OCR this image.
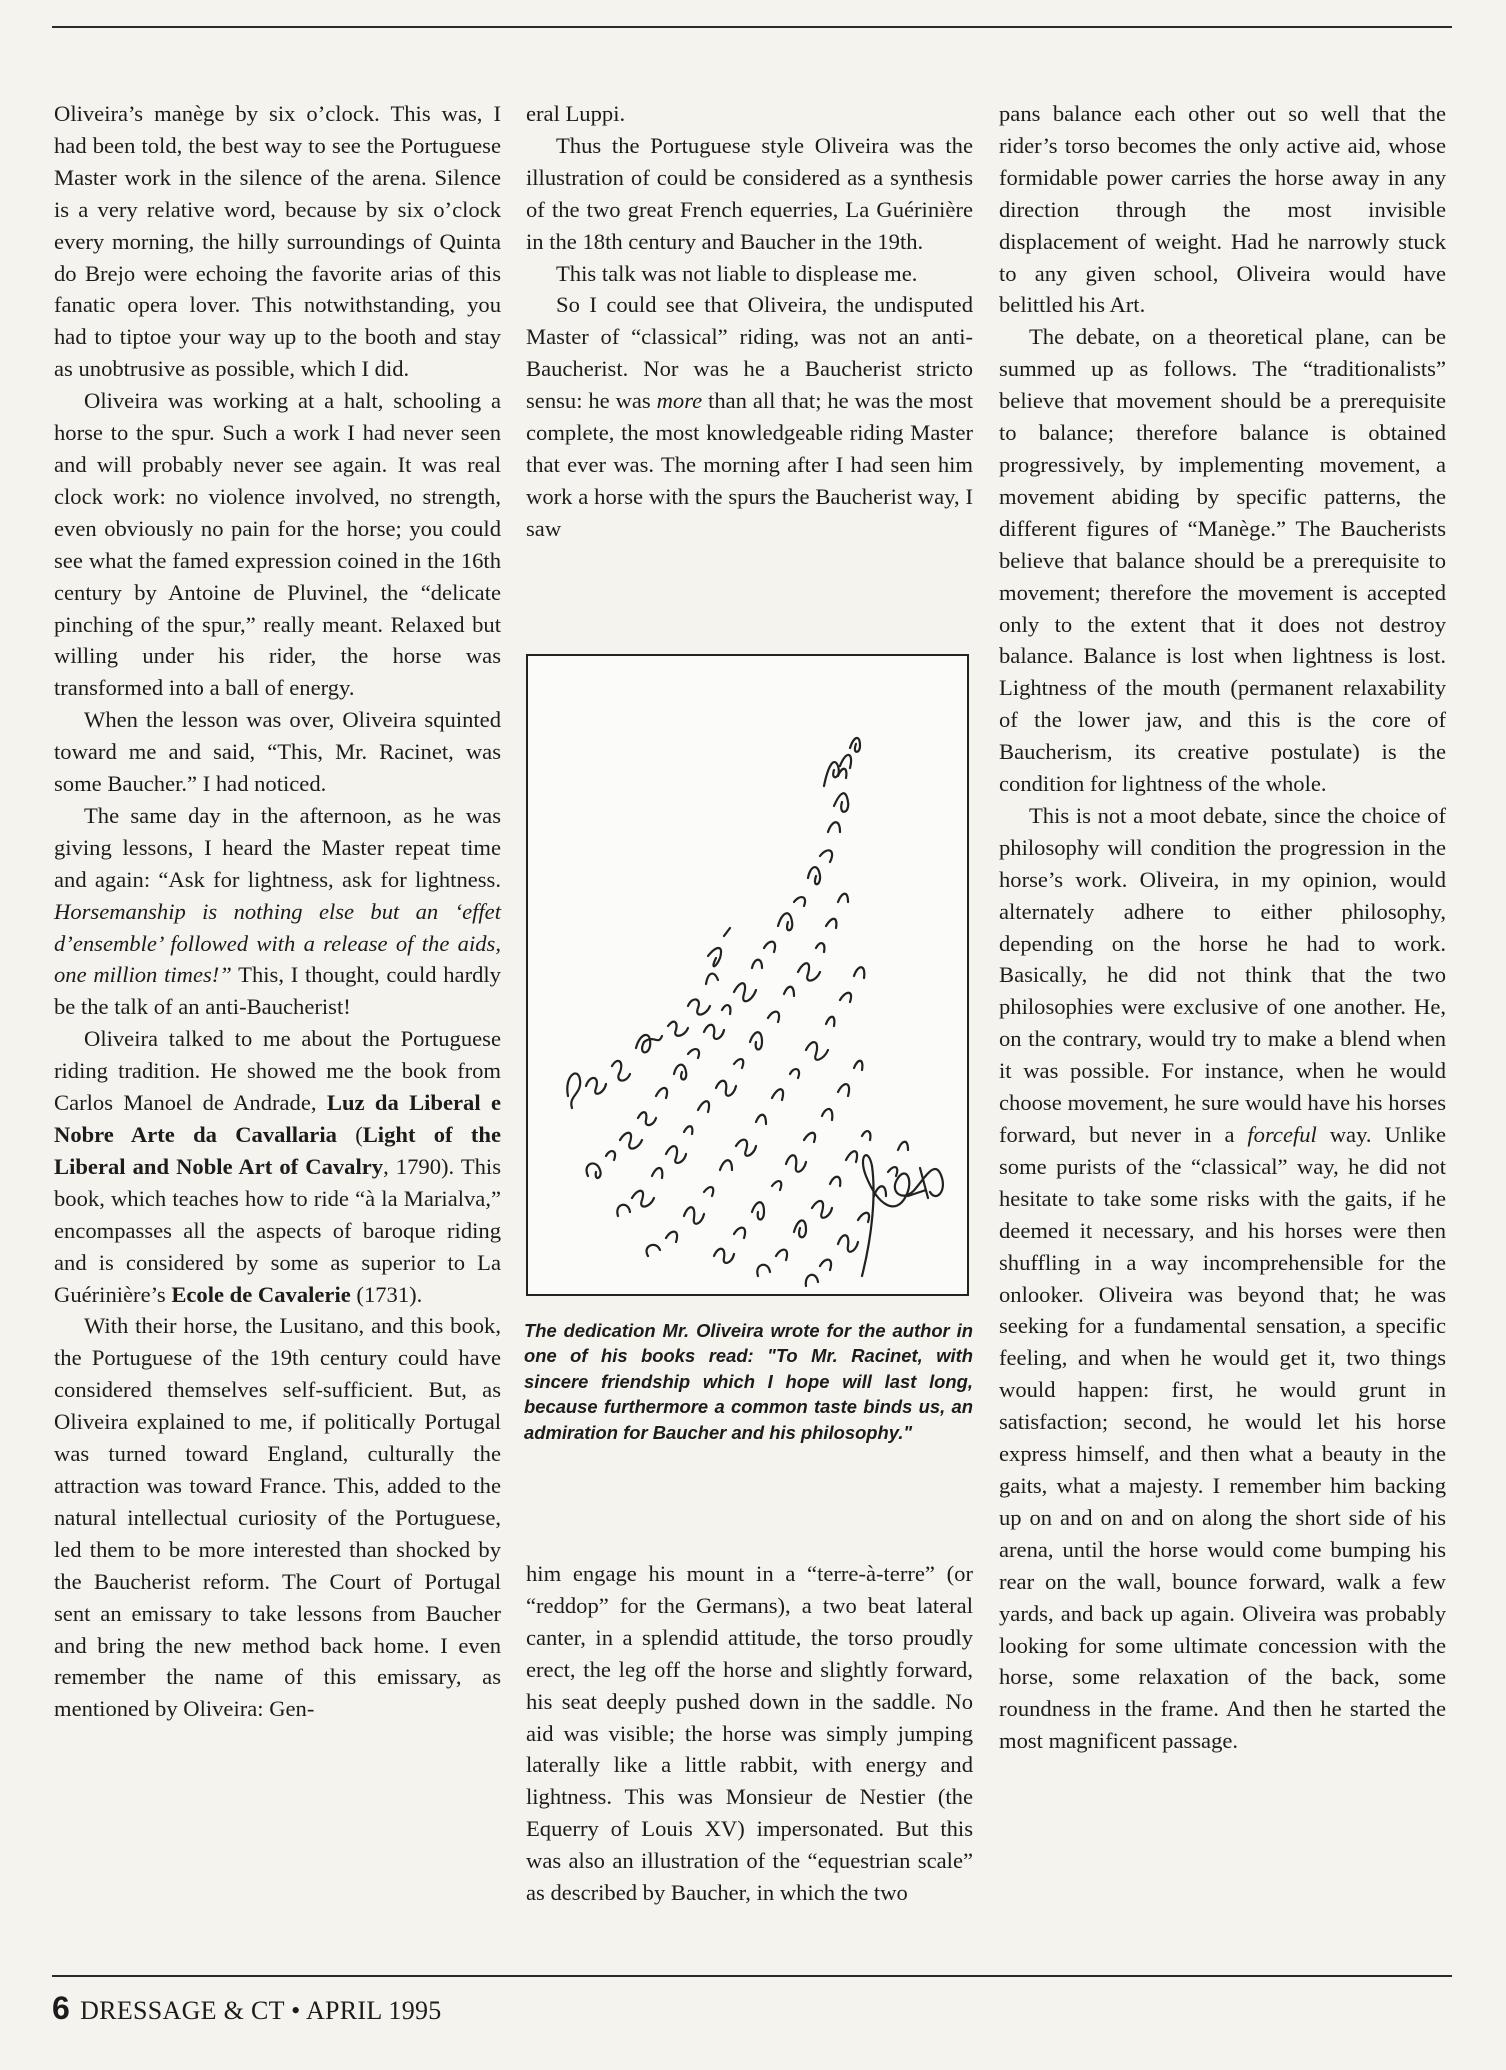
Oliveira’s manège by six o’clock. This was, I had been told, the best way to see the Portuguese Master work in the silence of the arena. Silence is a very relative word, because by six o’clock every morning, the hilly surroundings of Quinta do Brejo were echoing the favorite arias of this fanatic opera lover. This notwithstanding, you had to tiptoe your way up to the booth and stay as unobtrusive as possible, which I did.

Oliveira was working at a halt, schooling a horse to the spur. Such a work I had never seen and will probably never see again. It was real clock work: no violence involved, no strength, even obviously no pain for the horse; you could see what the famed expression coined in the 16th century by Antoine de Pluvinel, the “delicate pinching of the spur,” really meant. Relaxed but willing under his rider, the horse was transformed into a ball of energy.

When the lesson was over, Oliveira squinted toward me and said, “This, Mr. Racinet, was some Baucher.” I had noticed.

The same day in the afternoon, as he was giving lessons, I heard the Master repeat time and again: “Ask for lightness, ask for lightness. Horsemanship is nothing else but an ‘effet d’ensemble’ followed with a release of the aids, one million times!” This, I thought, could hardly be the talk of an anti-Baucherist!

Oliveira talked to me about the Portuguese riding tradition. He showed me the book from Carlos Manoel de Andrade, Luz da Liberal e Nobre Arte da Cavallaria (Light of the Liberal and Noble Art of Cavalry, 1790). This book, which teaches how to ride “à la Marialva,” encompasses all the aspects of baroque riding and is considered by some as superior to La Guérinière’s Ecole de Cavalerie (1731).

With their horse, the Lusitano, and this book, the Portuguese of the 19th century could have considered themselves self-sufficient. But, as Oliveira explained to me, if politically Portugal was turned toward England, culturally the attraction was toward France. This, added to the natural intellectual curiosity of the Portuguese, led them to be more interested than shocked by the Baucherist reform. The Court of Portugal sent an emissary to take lessons from Baucher and bring the new method back home. I even remember the name of this emissary, as mentioned by Oliveira: Gen-

eral Luppi.

Thus the Portuguese style Oliveira was the illustration of could be considered as a synthesis of the two great French equerries, La Guérinière in the 18th century and Baucher in the 19th.

This talk was not liable to displease me.

So I could see that Oliveira, the undisputed Master of “classical” riding, was not an anti-Baucherist. Nor was he a Baucherist stricto sensu: he was more than all that; he was the most complete, the most knowledgeable riding Master that ever was. The morning after I had seen him work a horse with the spurs the Baucherist way, I saw

The dedication Mr. Oliveira wrote for the author in one of his books read: "To Mr. Racinet, with sincere friendship which I hope will last long, because furthermore a common taste binds us, an admiration for Baucher and his philosophy."

him engage his mount in a “terre-à-terre” (or “reddop” for the Germans), a two beat lateral canter, in a splendid attitude, the torso proudly erect, the leg off the horse and slightly forward, his seat deeply pushed down in the saddle. No aid was visible; the horse was simply jumping laterally like a little rabbit, with energy and lightness. This was Monsieur de Nestier (the Equerry of Louis XV) impersonated. But this was also an illustration of the “equestrian scale” as described by Baucher, in which the two

pans balance each other out so well that the rider’s torso becomes the only active aid, whose formidable power carries the horse away in any direction through the most invisible displacement of weight. Had he narrowly stuck to any given school, Oliveira would have belittled his Art.

The debate, on a theoretical plane, can be summed up as follows. The “traditionalists” believe that movement should be a prerequisite to balance; therefore balance is obtained progressively, by implementing movement, a movement abiding by specific patterns, the different figures of “Manège.” The Baucherists believe that balance should be a prerequisite to movement; therefore the movement is accepted only to the extent that it does not destroy balance. Balance is lost when lightness is lost. Lightness of the mouth (permanent relaxability of the lower jaw, and this is the core of Baucherism, its creative postulate) is the condition for lightness of the whole.

This is not a moot debate, since the choice of philosophy will condition the progression in the horse’s work. Oliveira, in my opinion, would alternately adhere to either philosophy, depending on the horse he had to work. Basically, he did not think that the two philosophies were exclusive of one another. He, on the contrary, would try to make a blend when it was possible. For instance, when he would choose movement, he sure would have his horses forward, but never in a forceful way. Unlike some purists of the “classical” way, he did not hesitate to take some risks with the gaits, if he deemed it necessary, and his horses were then shuffling in a way incomprehensible for the onlooker. Oliveira was beyond that; he was seeking for a fundamental sensation, a specific feeling, and when he would get it, two things would happen: first, he would grunt in satisfaction; second, he would let his horse express himself, and then what a beauty in the gaits, what a majesty. I remember him backing up on and on and on along the short side of his arena, until the horse would come bumping his rear on the wall, bounce forward, walk a few yards, and back up again. Oliveira was probably looking for some ultimate concession with the horse, some relaxation of the back, some roundness in the frame. And then he started the most magnificent passage.

6 DRESSAGE & CT • APRIL 1995
